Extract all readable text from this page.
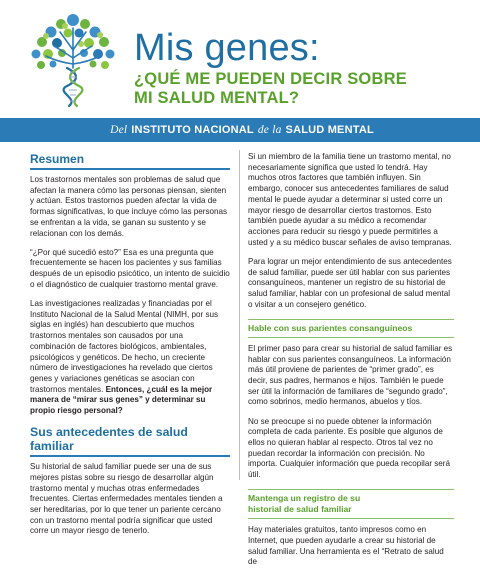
Mis genes:
¿QUÉ ME PUEDEN DECIR SOBRE
MI SALUD MENTAL?
Del INSTITUTO NACIONAL de la SALUD MENTAL
Resumen

Los trastornos mentales son problemas de salud que afectan la manera cómo las personas piensan, sienten y actúan. Estos trastornos pueden afectar la vida de formas significativas, lo que incluye cómo las personas se enfrentan a la vida, se ganan su sustento y se relacionan con los demás.

“¿Por qué sucedió esto?” Esa es una pregunta que frecuentemente se hacen los pacientes y sus familias después de un episodio psicótico, un intento de suicidio o el diagnóstico de cualquier trastorno mental grave.

Las investigaciones realizadas y financiadas por el Instituto Nacional de la Salud Mental (NIMH, por sus siglas en inglés) han descubierto que muchos trastornos mentales son causados por una combinación de factores biológicos, ambientales, psicológicos y genéticos. De hecho, un creciente número de investigaciones ha revelado que ciertos genes y variaciones genéticas se asocian con trastornos mentales. Entonces, ¿cuál es la mejor manera de “mirar sus genes” y determinar su propio riesgo personal?

Sus antecedentes de salud familiar

Su historial de salud familiar puede ser una de sus mejores pistas sobre su riesgo de desarrollar algún trastorno mental y muchas otras enfermedades frecuentes. Ciertas enfermedades mentales tienden a ser hereditarias, por lo que tener un pariente cercano con un trastorno mental podría significar que usted corre un mayor riesgo de tenerlo.

Si un miembro de la familia tiene un trastorno mental, no necesariamente significa que usted lo tendrá. Hay muchos otros factores que también influyen. Sin embargo, conocer sus antecedentes familiares de salud mental le puede ayudar a determinar si usted corre un mayor riesgo de desarrollar ciertos trastornos. Esto también puede ayudar a su médico a recomendar acciones para reducir su riesgo y puede permitirles a usted y a su médico buscar señales de aviso tempranas.

Para lograr un mejor entendimiento de sus antecedentes de salud familiar, puede ser útil hablar con sus parientes consanguíneos, mantener un registro de su historial de salud familiar, hablar con un profesional de salud mental o visitar a un consejero genético.

Hable con sus parientes consanguíneos

El primer paso para crear su historial de salud familiar es hablar con sus parientes consanguíneos. La información más útil proviene de parientes de “primer grado”, es decir, sus padres, hermanos e hijos. También le puede ser útil la información de familiares de “segundo grado”, como sobrinos, medio hermanos, abuelos y tíos.

No se preocupe si no puede obtener la información completa de cada pariente. Es posible que algunos de ellos no quieran hablar al respecto. Otros tal vez no puedan recordar la información con precisión. No importa. Cualquier información que pueda recopilar será útil.

Mantenga un registro de su
historial de salud familiar

Hay materiales gratuitos, tanto impresos como en Internet, que pueden ayudarle a crear su historial de salud familiar. Una herramienta es el “Retrato de salud de
